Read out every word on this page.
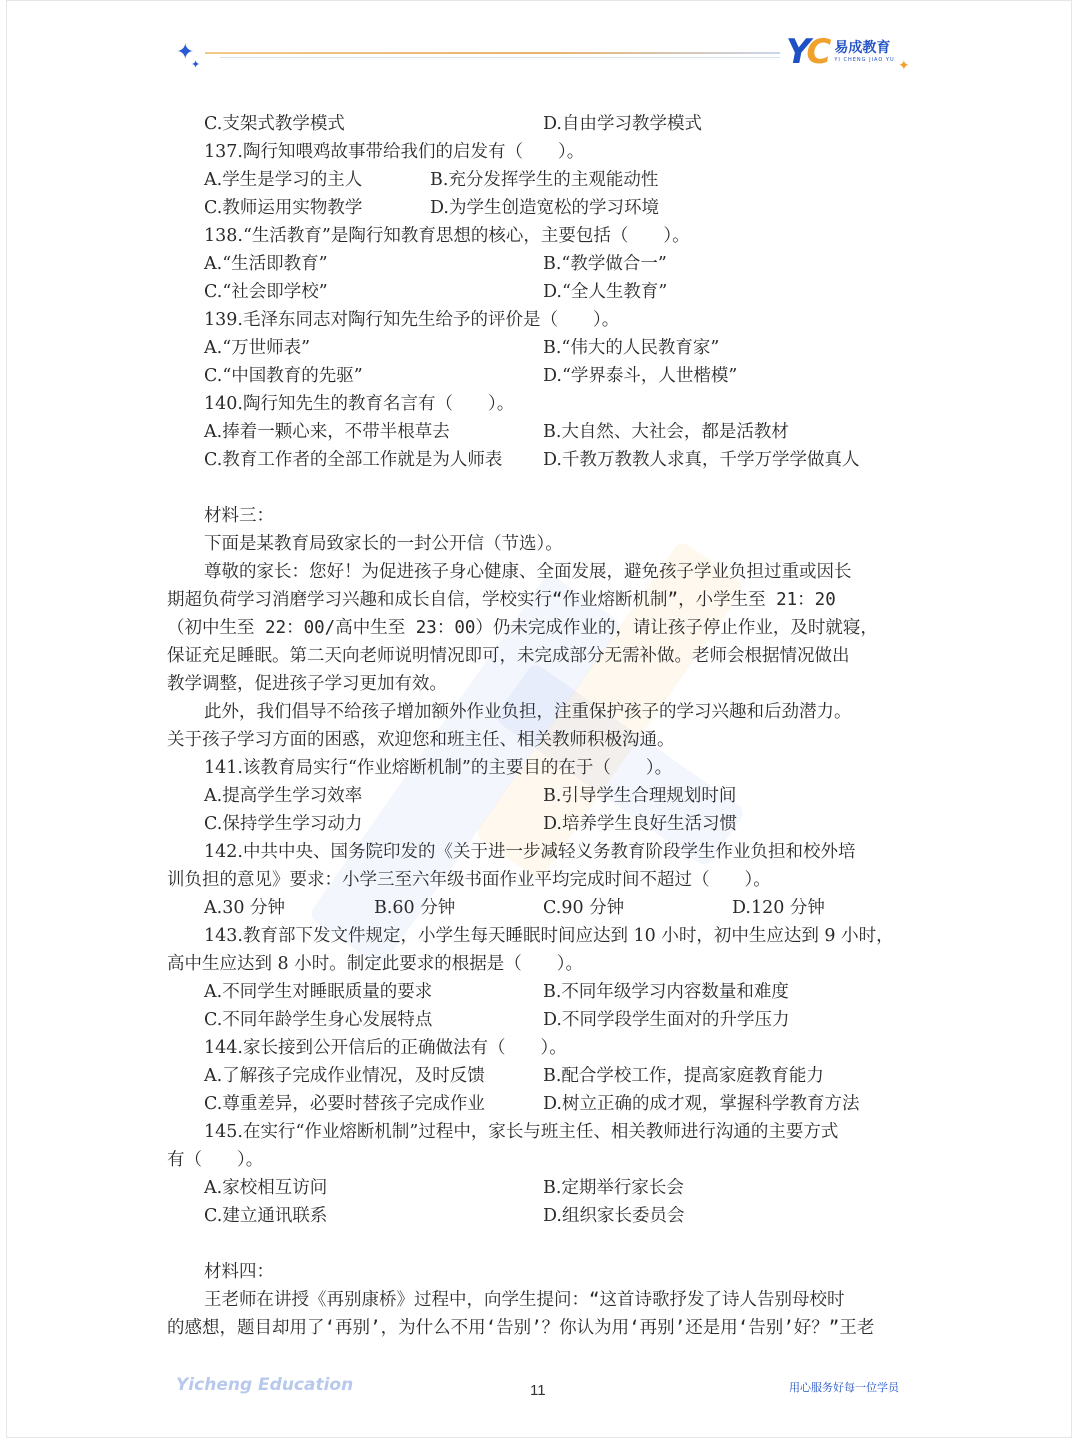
✦
✦	YC 易成教育
YI CHENG JIAO YU ✦

C.支架式教学模式	D.自由学习教学模式

137.陶行知喂鸡故事带给我们的启发有（　　）。

A.学生是学习的主人	B.充分发挥学生的主观能动性

C.教师运用实物教学	D.为学生创造宽松的学习环境

138.“生活教育”是陶行知教育思想的核心，主要包括（　　）。

A.“生活即教育”	B.“教学做合一”

C.“社会即学校”	D.“全人生教育”

139.毛泽东同志对陶行知先生给予的评价是（　　）。

A.“万世师表”	B.“伟大的人民教育家”

C.“中国教育的先驱”	D.“学界泰斗，人世楷模”

140.陶行知先生的教育名言有（　　）。

A.捧着一颗心来，不带半根草去	B.大自然、大社会，都是活教材

C.教育工作者的全部工作就是为人师表 D.千教万教教人求真，千学万学学做真人

材料三：

下面是某教育局致家长的一封公开信（节选）。

尊敬的家长：您好！为促进孩子身心健康、全面发展，避免孩子学业负担过重或因长

期超负荷学习消磨学习兴趣和成长自信，学校实行“作业熔断机制”，小学生至 21：20

（初中生至 22：00/高中生至 23：00）仍未完成作业的，请让孩子停止作业，及时就寝，

保证充足睡眠。第二天向老师说明情况即可，未完成部分无需补做。老师会根据情况做出

教学调整，促进孩子学习更加有效。

此外，我们倡导不给孩子增加额外作业负担，注重保护孩子的学习兴趣和后劲潜力。

关于孩子学习方面的困惑，欢迎您和班主任、相关教师积极沟通。

141.该教育局实行“作业熔断机制”的主要目的在于（　　）。

A.提高学生学习效率	B.引导学生合理规划时间

C.保持学生学习动力	D.培养学生良好生活习惯

142.中共中央、国务院印发的《关于进一步减轻义务教育阶段学生作业负担和校外培

训负担的意见》要求：小学三至六年级书面作业平均完成时间不超过（　　）。

A.30 分钟	B.60 分钟	C.90 分钟	D.120 分钟

143.教育部下发文件规定，小学生每天睡眠时间应达到 10 小时，初中生应达到 9 小时，

高中生应达到 8 小时。制定此要求的根据是（　　）。

A.不同学生对睡眠质量的要求	B.不同年级学习内容数量和难度

C.不同年龄学生身心发展特点	D.不同学段学生面对的升学压力

144.家长接到公开信后的正确做法有（　　）。

A.了解孩子完成作业情况，及时反馈	B.配合学校工作，提高家庭教育能力

C.尊重差异，必要时替孩子完成作业	D.树立正确的成才观，掌握科学教育方法

145.在实行“作业熔断机制”过程中，家长与班主任、相关教师进行沟通的主要方式

有（　　）。

A.家校相互访问	B.定期举行家长会

C.建立通讯联系	D.组织家长委员会

材料四：

王老师在讲授《再别康桥》过程中，向学生提问：“这首诗歌抒发了诗人告别母校时

的感想，题目却用了‘再别’，为什么不用‘告别’？你认为用‘再别’还是用‘告别’好？”王老

Yicheng Education	11	用心服务好每一位学员
